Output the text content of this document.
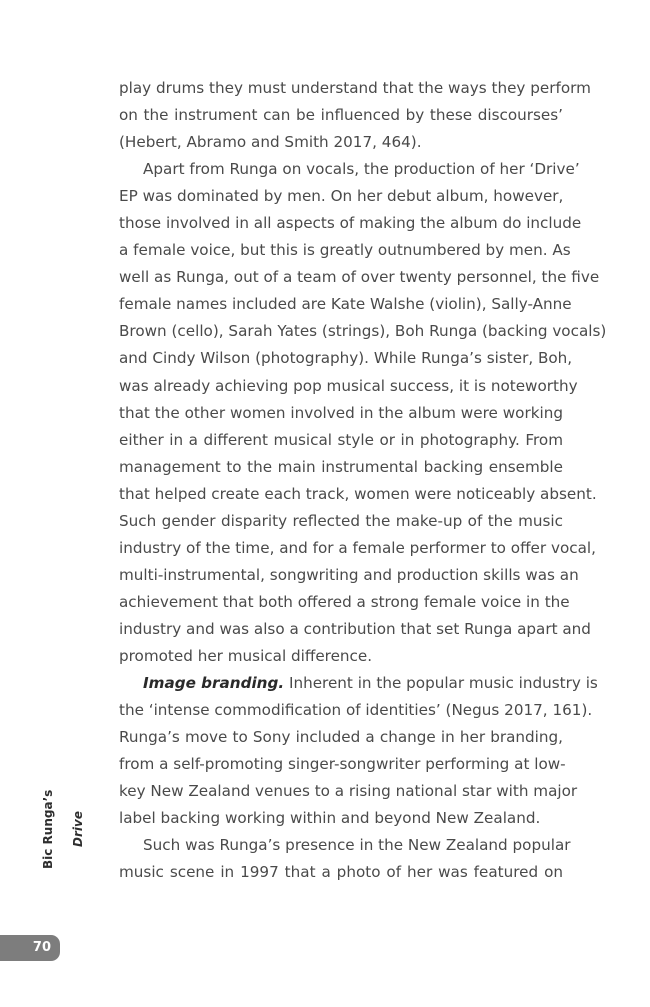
play drums they must understand that the ways they perform
on the instrument can be influenced by these discourses’
(Hebert, Abramo and Smith 2017, 464).
Apart from Runga on vocals, the production of her ‘Drive’
EP was dominated by men. On her debut album, however,
those involved in all aspects of making the album do include
a female voice, but this is greatly outnumbered by men. As
well as Runga, out of a team of over twenty personnel, the five
female names included are Kate Walshe (violin), Sally-Anne
Brown (cello), Sarah Yates (strings), Boh Runga (backing vocals)
and Cindy Wilson (photography). While Runga’s sister, Boh,
was already achieving pop musical success, it is noteworthy
that the other women involved in the album were working
either in a different musical style or in photography. From
management to the main instrumental backing ensemble
that helped create each track, women were noticeably absent.
Such gender disparity reflected the make-up of the music
industry of the time, and for a female performer to offer vocal,
multi-instrumental, songwriting and production skills was an
achievement that both offered a strong female voice in the
industry and was also a contribution that set Runga apart and
promoted her musical difference.
Image branding. Inherent in the popular music industry is
the ‘intense commodification of identities’ (Negus 2017, 161).
Runga’s move to Sony included a change in her branding,
from a self-promoting singer-songwriter performing at low-
key New Zealand venues to a rising national star with major
label backing working within and beyond New Zealand.
Such was Runga’s presence in the New Zealand popular
music scene in 1997 that a photo of her was featured on
Bic Runga’s Drive
70
